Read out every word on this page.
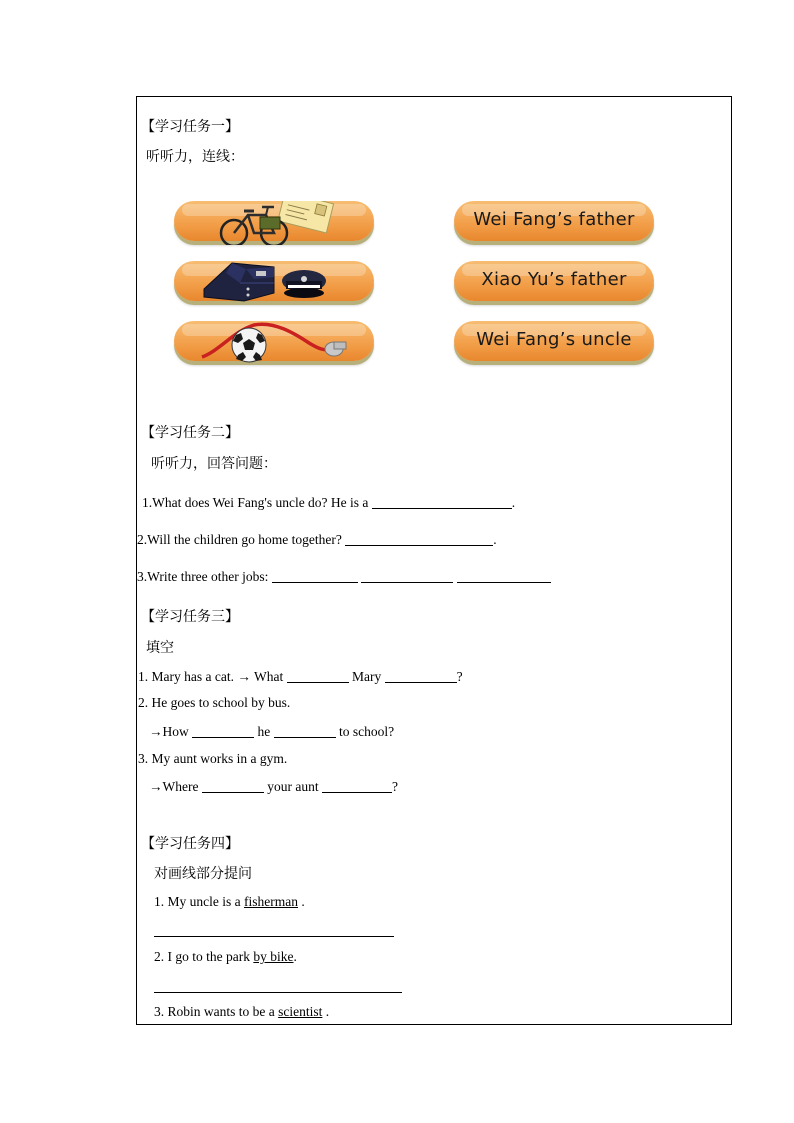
【学习任务一】
听听力，连线：
Wei Fang’s father
Xiao Yu’s father
Wei Fang’s uncle
【学习任务二】
听听力，回答问题：
1.What does Wei Fang's uncle do? He is a	.
2.Will the children go home together?	.
3.Write three other jobs:
【学习任务三】
填空
1. Mary has a cat. → What	Mary	?
2. He goes to school by bus.
→How	he	to school?
3. My aunt works in a gym.
→Where	your aunt	?
【学习任务四】
对画线部分提问
1. My uncle is a fisherman .
2. I go to the park by bike.
3. Robin wants to be a scientist .
